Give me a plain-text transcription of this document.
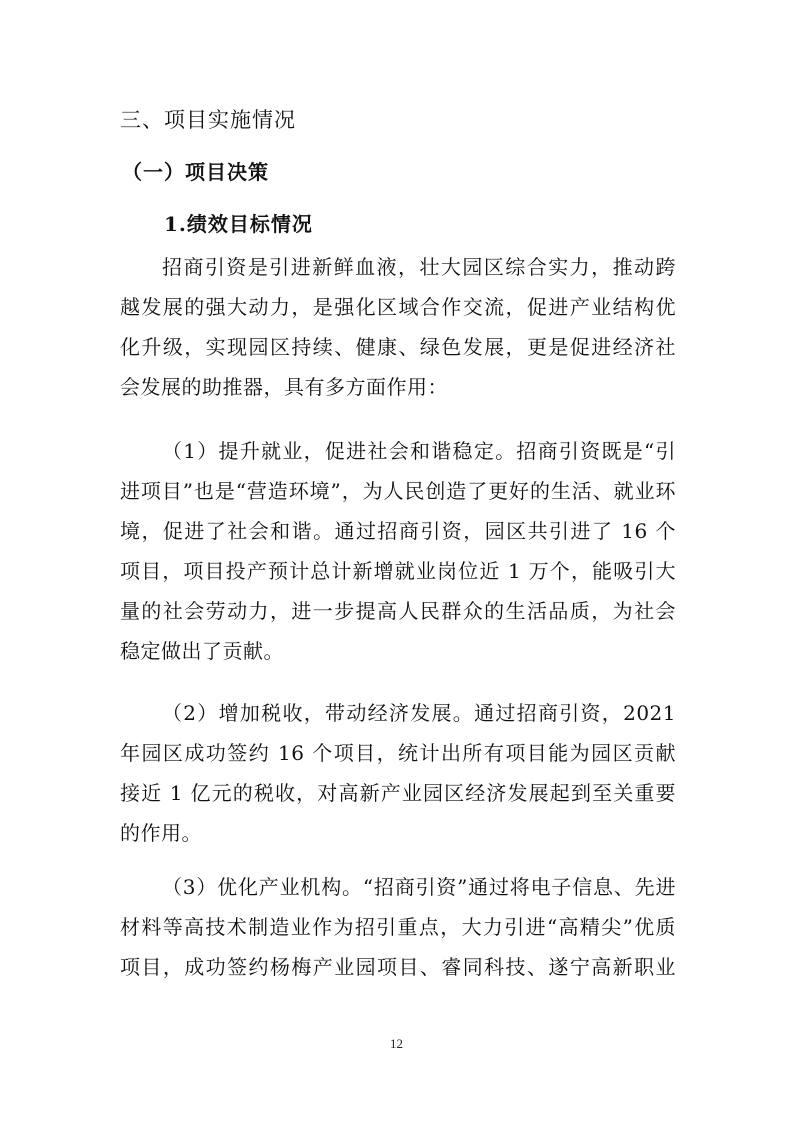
三、项目实施情况
（一）项目决策
1.绩效目标情况
招商引资是引进新鲜血液，壮大园区综合实力，推动跨
越发展的强大动力，是强化区域合作交流，促进产业结构优
化升级，实现园区持续、健康、绿色发展，更是促进经济社
会发展的助推器，具有多方面作用：
（1）提升就业，促进社会和谐稳定。招商引资既是“引
进项目”也是“营造环境”，为人民创造了更好的生活、就业环
境，促进了社会和谐。通过招商引资，园区共引进了 16 个
项目，项目投产预计总计新增就业岗位近 1 万个，能吸引大
量的社会劳动力，进一步提高人民群众的生活品质，为社会
稳定做出了贡献。
（2）增加税收，带动经济发展。通过招商引资，2021
年园区成功签约 16 个项目，统计出所有项目能为园区贡献
接近 1 亿元的税收，对高新产业园区经济发展起到至关重要
的作用。
（3）优化产业机构。“招商引资”通过将电子信息、先进
材料等高技术制造业作为招引重点，大力引进“高精尖”优质
项目，成功签约杨梅产业园项目、睿同科技、遂宁高新职业
12
